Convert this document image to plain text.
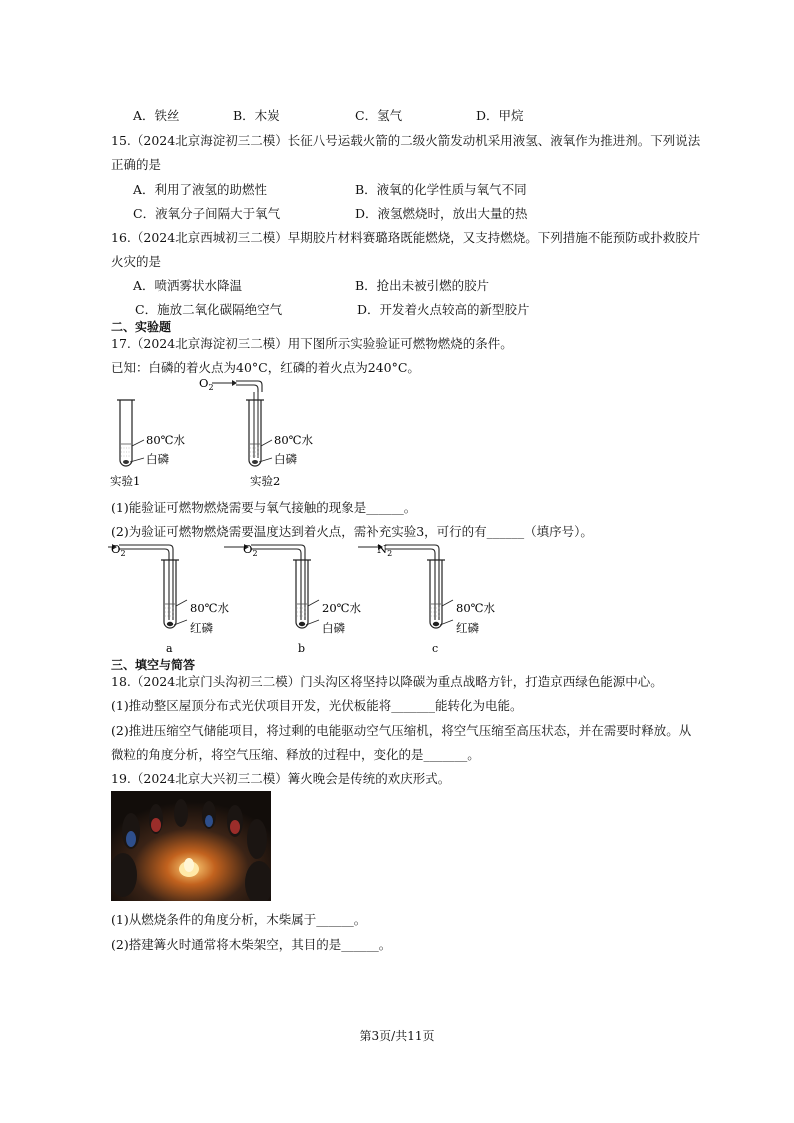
A．铁丝	B．木炭	C．氢气	D．甲烷
15.（2024北京海淀初三二模）长征八号运载火箭的二级火箭发动机采用液氢、液氧作为推进剂。下列说法
正确的是
A．利用了液氢的助燃性	B．液氧的化学性质与氧气不同
C．液氧分子间隔大于氧气	D．液氢燃烧时，放出大量的热
16.（2024北京西城初三二模）早期胶片材料赛璐珞既能燃烧，又支持燃烧。下列措施不能预防或扑救胶片
火灾的是
A．喷洒雾状水降温	B．抢出未被引燃的胶片
C．施放二氧化碳隔绝空气	D．开发着火点较高的新型胶片
二、实验题
17.（2024北京海淀初三二模）用下图所示实验验证可燃物燃烧的条件。
已知：白磷的着火点为40°C，红磷的着火点为240°C。
80℃水
白磷
实验1
$O_2$
80℃水
白磷
实验2
(1)能验证可燃物燃烧需要与氧气接触的现象是______。
(2)为验证可燃物燃烧需要温度达到着火点，需补充实验3，可行的有______（填序号）。
$O_2$
80℃水
红磷
a
$O_2$
20℃水
白磷
b
$N_2$
80℃水
红磷
c
三、填空与简答
18.（2024北京门头沟初三二模）门头沟区将坚持以降碳为重点战略方针，打造京西绿色能源中心。
(1)推动整区屋顶分布式光伏项目开发，光伏板能将_______能转化为电能。
(2)推进压缩空气储能项目，将过剩的电能驱动空气压缩机，将空气压缩至高压状态，并在需要时释放。从
微粒的角度分析，将空气压缩、释放的过程中，变化的是_______。
19.（2024北京大兴初三二模）篝火晚会是传统的欢庆形式。
(1)从燃烧条件的角度分析，木柴属于______。
(2)搭建篝火时通常将木柴架空，其目的是______。
第3页/共11页
